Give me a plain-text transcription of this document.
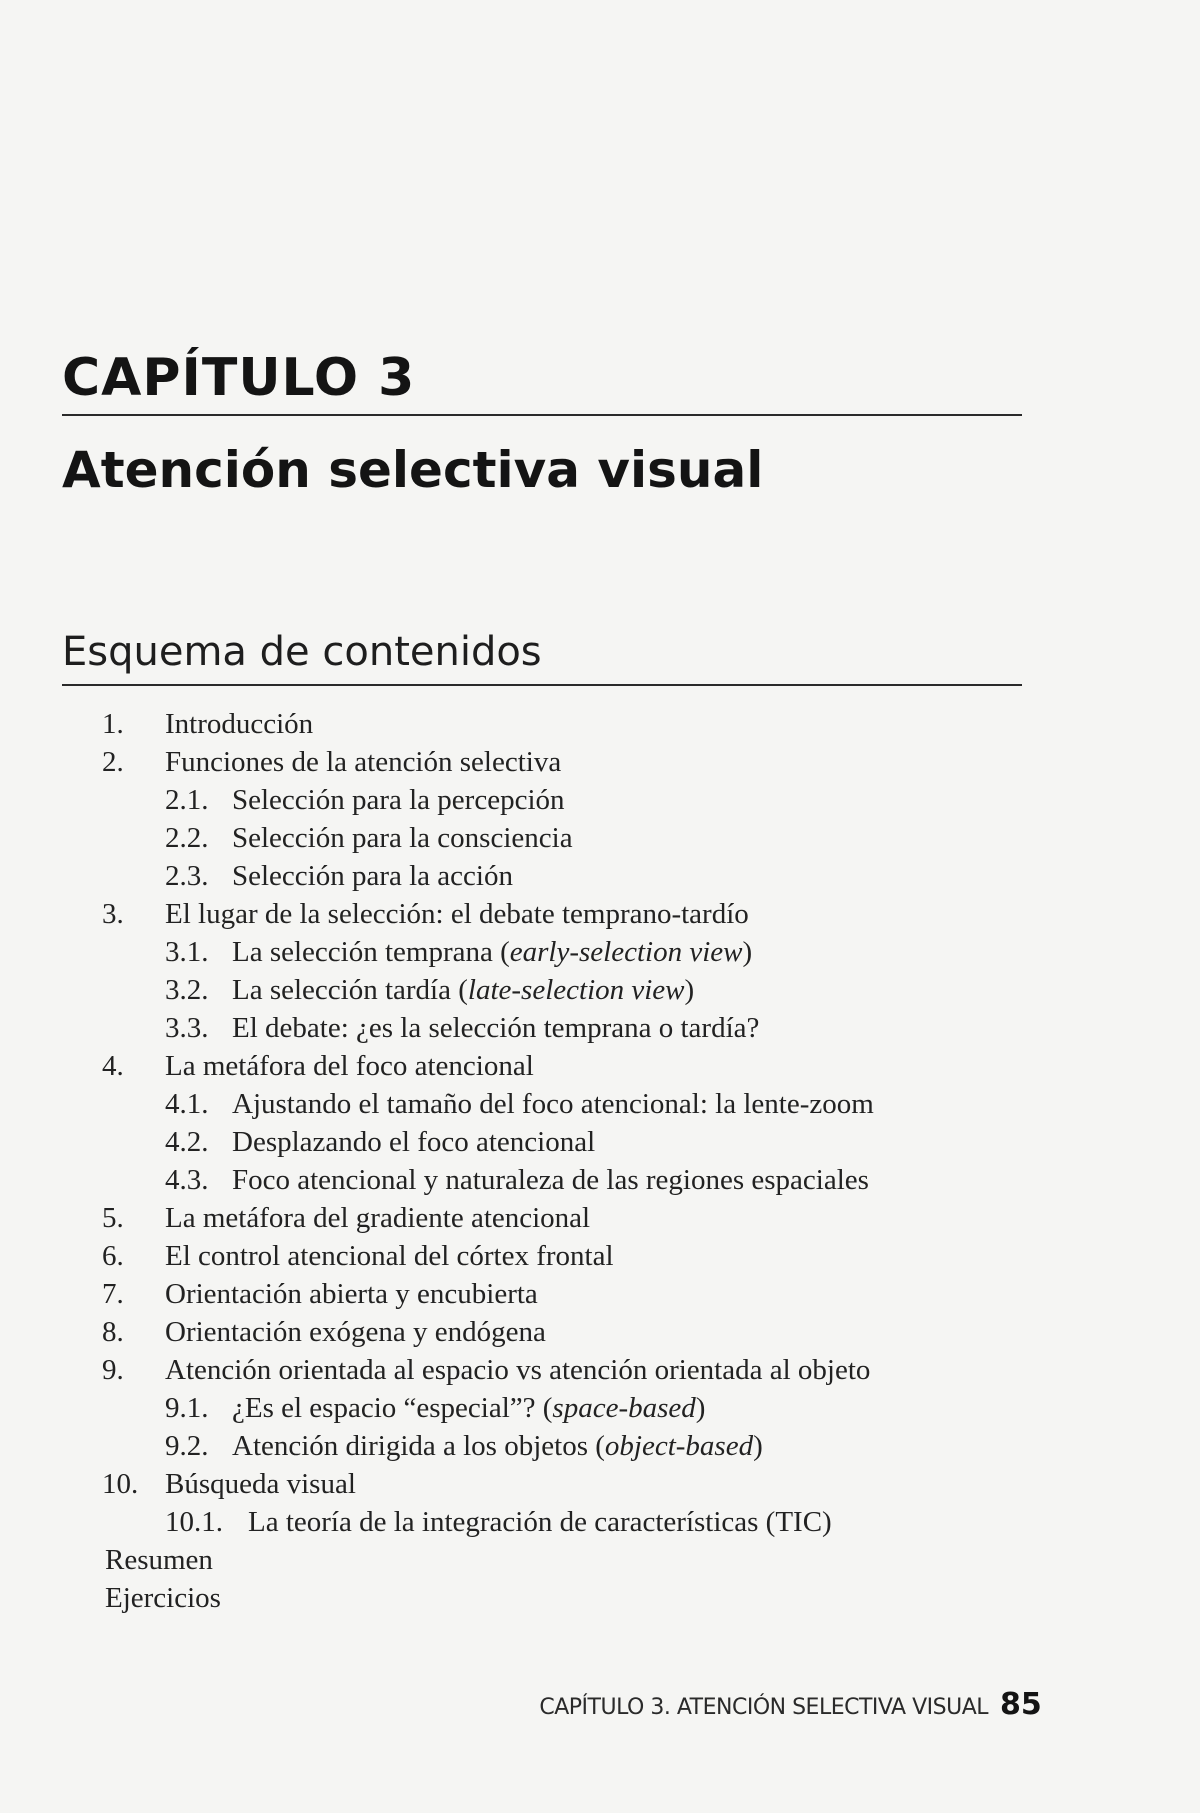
CAPÍTULO 3
Atención selectiva visual
Esquema de contenidos
1. Introducción
2. Funciones de la atención selectiva
2.1. Selección para la percepción
2.2. Selección para la consciencia
2.3. Selección para la acción
3. El lugar de la selección: el debate temprano-tardío
3.1. La selección temprana (early-selection view)
3.2. La selección tardía (late-selection view)
3.3. El debate: ¿es la selección temprana o tardía?
4. La metáfora del foco atencional
4.1. Ajustando el tamaño del foco atencional: la lente-zoom
4.2. Desplazando el foco atencional
4.3. Foco atencional y naturaleza de las regiones espaciales
5. La metáfora del gradiente atencional
6. El control atencional del córtex frontal
7. Orientación abierta y encubierta
8. Orientación exógena y endógena
9. Atención orientada al espacio vs atención orientada al objeto
9.1. ¿Es el espacio “especial”? (space-based)
9.2. Atención dirigida a los objetos (object-based)
10. Búsqueda visual
10.1. La teoría de la integración de características (TIC)
Resumen
Ejercicios
CAPÍTULO 3. ATENCIÓN SELECTIVA VISUAL 85
